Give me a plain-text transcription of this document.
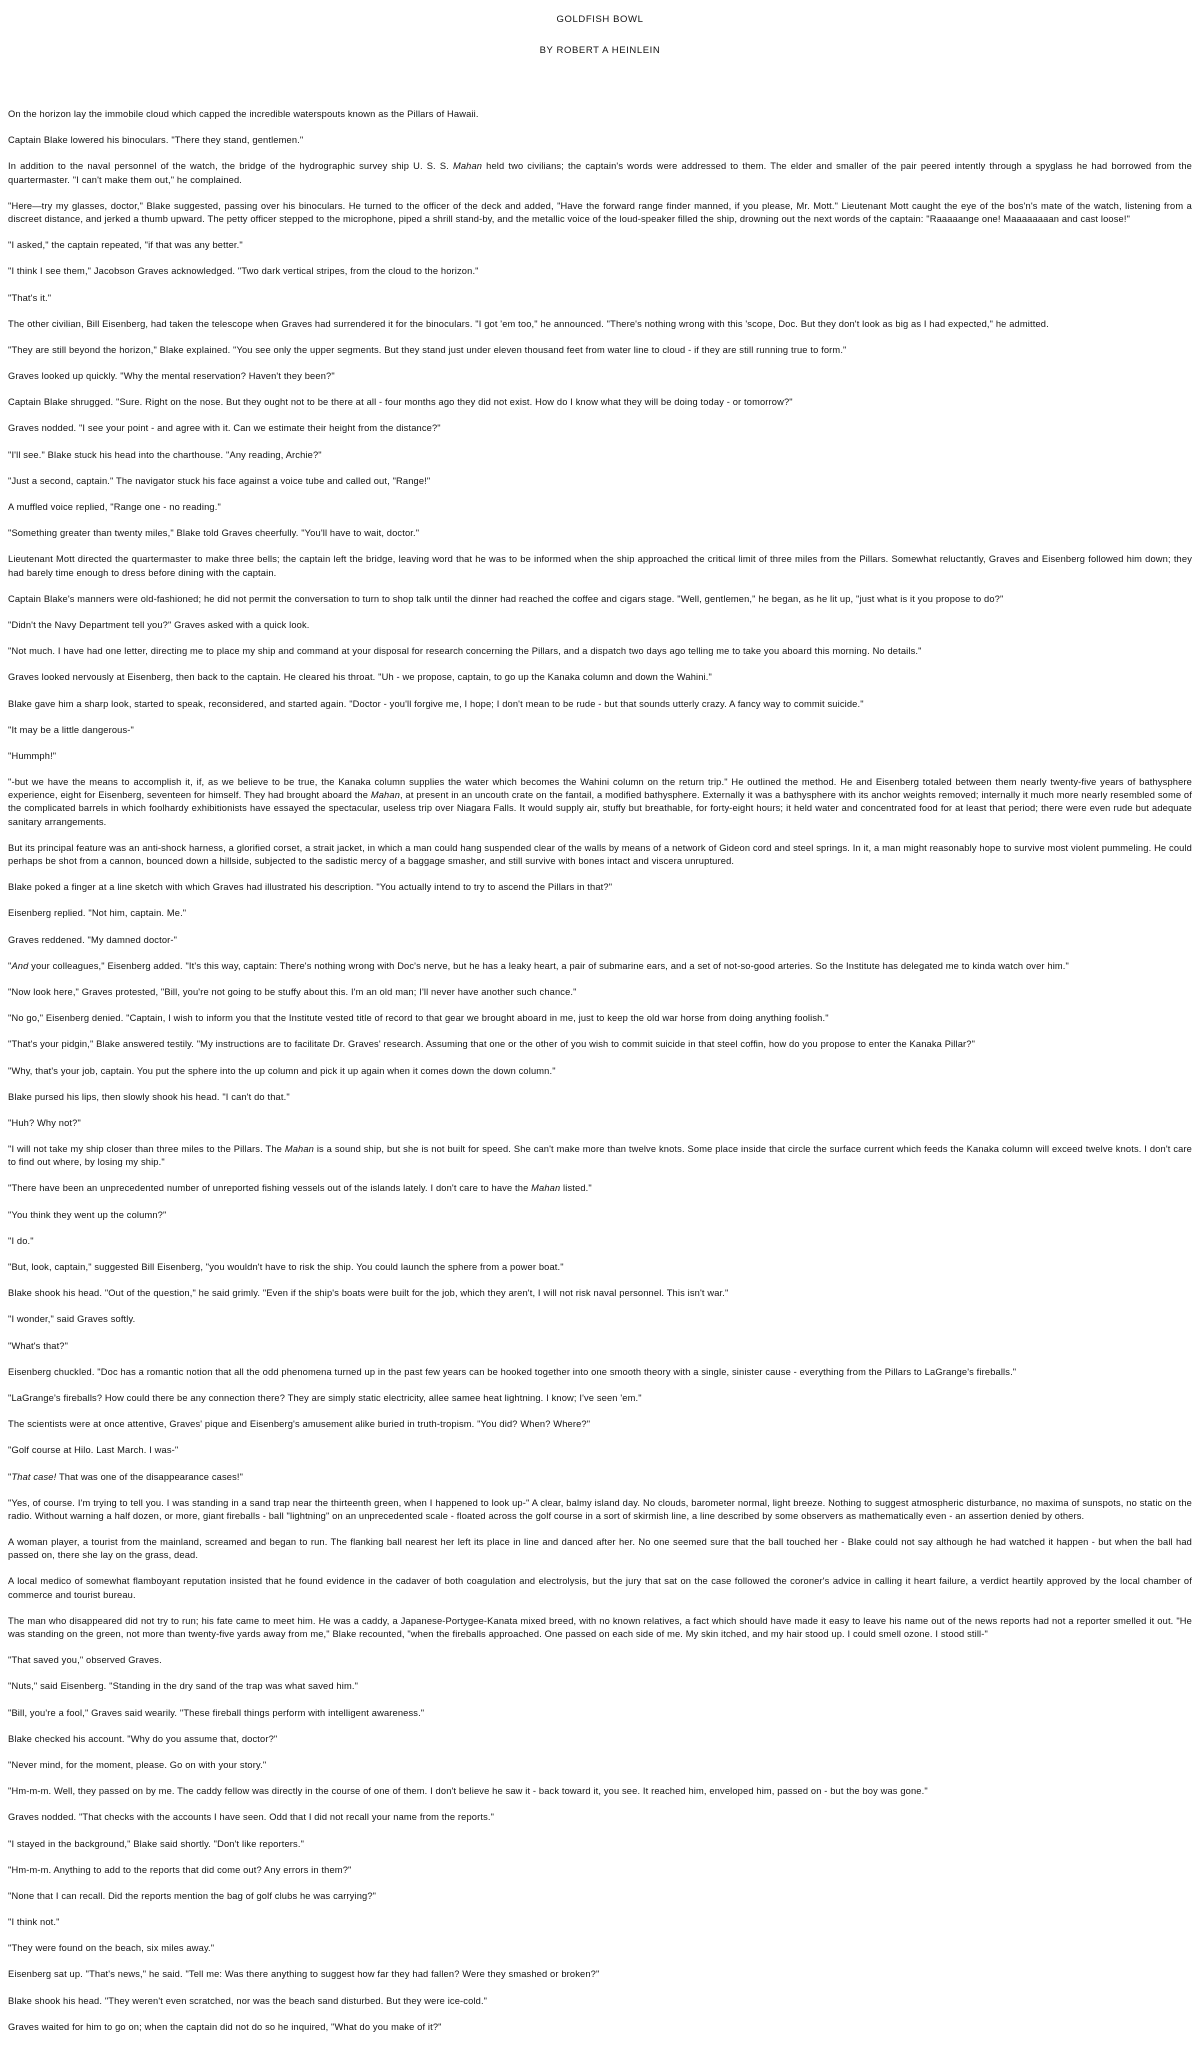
GOLDFISH BOWL
BY ROBERT A HEINLEIN

On the horizon lay the immobile cloud which capped the incredible waterspouts known as the Pillars of Hawaii.

Captain Blake lowered his binoculars. "There they stand, gentlemen."

In addition to the naval personnel of the watch, the bridge of the hydrographic survey ship U. S. S. Mahan held two civilians; the captain's words were addressed to them. The elder and smaller of the pair peered intently through a spyglass he had borrowed from the quartermaster. "I can't make them out," he complained.

"Here—try my glasses, doctor," Blake suggested, passing over his binoculars. He turned to the officer of the deck and added, "Have the forward range finder manned, if you please, Mr. Mott." Lieutenant Mott caught the eye of the bos'n's mate of the watch, listening from a discreet distance, and jerked a thumb upward. The petty officer stepped to the microphone, piped a shrill stand-by, and the metallic voice of the loud-speaker filled the ship, drowning out the next words of the captain: "Raaaaange one! Maaaaaaaan and cast loose!"

"I asked," the captain repeated, "if that was any better."

"I think I see them," Jacobson Graves acknowledged. "Two dark vertical stripes, from the cloud to the horizon."

"That's it."

The other civilian, Bill Eisenberg, had taken the telescope when Graves had surrendered it for the binoculars. "I got 'em too," he announced. "There's nothing wrong with this 'scope, Doc. But they don't look as big as I had expected," he admitted.

"They are still beyond the horizon," Blake explained. "You see only the upper segments. But they stand just under eleven thousand feet from water line to cloud - if they are still running true to form."

Graves looked up quickly. "Why the mental reservation? Haven't they been?"

Captain Blake shrugged. "Sure. Right on the nose. But they ought not to be there at all - four months ago they did not exist. How do I know what they will be doing today - or tomorrow?"

Graves nodded. "I see your point - and agree with it. Can we estimate their height from the distance?"

"I'll see." Blake stuck his head into the charthouse. "Any reading, Archie?"

"Just a second, captain." The navigator stuck his face against a voice tube and called out, "Range!"

A muffled voice replied, "Range one - no reading."

"Something greater than twenty miles," Blake told Graves cheerfully. "You'll have to wait, doctor."

Lieutenant Mott directed the quartermaster to make three bells; the captain left the bridge, leaving word that he was to be informed when the ship approached the critical limit of three miles from the Pillars. Somewhat reluctantly, Graves and Eisenberg followed him down; they had barely time enough to dress before dining with the captain.

Captain Blake's manners were old-fashioned; he did not permit the conversation to turn to shop talk until the dinner had reached the coffee and cigars stage. "Well, gentlemen," he began, as he lit up, "just what is it you propose to do?"

"Didn't the Navy Department tell you?" Graves asked with a quick look.

"Not much. I have had one letter, directing me to place my ship and command at your disposal for research concerning the Pillars, and a dispatch two days ago telling me to take you aboard this morning. No details."

Graves looked nervously at Eisenberg, then back to the captain. He cleared his throat. "Uh - we propose, captain, to go up the Kanaka column and down the Wahini."

Blake gave him a sharp look, started to speak, reconsidered, and started again. "Doctor - you'll forgive me, I hope; I don't mean to be rude - but that sounds utterly crazy. A fancy way to commit suicide."

"It may be a little dangerous-"

"Hummph!"

"-but we have the means to accomplish it, if, as we believe to be true, the Kanaka column supplies the water which becomes the Wahini column on the return trip." He outlined the method. He and Eisenberg totaled between them nearly twenty-five years of bathysphere experience, eight for Eisenberg, seventeen for himself. They had brought aboard the Mahan, at present in an uncouth crate on the fantail, a modified bathysphere. Externally it was a bathysphere with its anchor weights removed; internally it much more nearly resembled some of the complicated barrels in which foolhardy exhibitionists have essayed the spectacular, useless trip over Niagara Falls. It would supply air, stuffy but breathable, for forty-eight hours; it held water and concentrated food for at least that period; there were even rude but adequate sanitary arrangements.

But its principal feature was an anti-shock harness, a glorified corset, a strait jacket, in which a man could hang suspended clear of the walls by means of a network of Gideon cord and steel springs. In it, a man might reasonably hope to survive most violent pummeling. He could perhaps be shot from a cannon, bounced down a hillside, subjected to the sadistic mercy of a baggage smasher, and still survive with bones intact and viscera unruptured.

Blake poked a finger at a line sketch with which Graves had illustrated his description. "You actually intend to try to ascend the Pillars in that?"

Eisenberg replied. "Not him, captain. Me."

Graves reddened. "My damned doctor-"

"And your colleagues," Eisenberg added. "It's this way, captain: There's nothing wrong with Doc's nerve, but he has a leaky heart, a pair of submarine ears, and a set of not-so-good arteries. So the Institute has delegated me to kinda watch over him."

"Now look here," Graves protested, "Bill, you're not going to be stuffy about this. I'm an old man; I'll never have another such chance."

"No go," Eisenberg denied. "Captain, I wish to inform you that the Institute vested title of record to that gear we brought aboard in me, just to keep the old war horse from doing anything foolish."

"That's your pidgin," Blake answered testily. "My instructions are to facilitate Dr. Graves' research. Assuming that one or the other of you wish to commit suicide in that steel coffin, how do you propose to enter the Kanaka Pillar?"

"Why, that's your job, captain. You put the sphere into the up column and pick it up again when it comes down the down column."

Blake pursed his lips, then slowly shook his head. "I can't do that."

"Huh? Why not?"

"I will not take my ship closer than three miles to the Pillars. The Mahan is a sound ship, but she is not built for speed. She can't make more than twelve knots. Some place inside that circle the surface current which feeds the Kanaka column will exceed twelve knots. I don't care to find out where, by losing my ship."

"There have been an unprecedented number of unreported fishing vessels out of the islands lately. I don't care to have the Mahan listed."

"You think they went up the column?"

"I do."

"But, look, captain," suggested Bill Eisenberg, "you wouldn't have to risk the ship. You could launch the sphere from a power boat."

Blake shook his head. "Out of the question," he said grimly. "Even if the ship's boats were built for the job, which they aren't, I will not risk naval personnel. This isn't war."

"I wonder," said Graves softly.

"What's that?"

Eisenberg chuckled. "Doc has a romantic notion that all the odd phenomena turned up in the past few years can be hooked together into one smooth theory with a single, sinister cause - everything from the Pillars to LaGrange's fireballs."

"LaGrange's fireballs? How could there be any connection there? They are simply static electricity, allee samee heat lightning. I know; I've seen 'em."

The scientists were at once attentive, Graves' pique and Eisenberg's amusement alike buried in truth-tropism. "You did? When? Where?"

"Golf course at Hilo. Last March. I was-"

"That case! That was one of the disappearance cases!"

"Yes, of course. I'm trying to tell you. I was standing in a sand trap near the thirteenth green, when I happened to look up-" A clear, balmy island day. No clouds, barometer normal, light breeze. Nothing to suggest atmospheric disturbance, no maxima of sunspots, no static on the radio. Without warning a half dozen, or more, giant fireballs - ball "lightning" on an unprecedented scale - floated across the golf course in a sort of skirmish line, a line described by some observers as mathematically even - an assertion denied by others.

A woman player, a tourist from the mainland, screamed and began to run. The flanking ball nearest her left its place in line and danced after her. No one seemed sure that the ball touched her - Blake could not say although he had watched it happen - but when the ball had passed on, there she lay on the grass, dead.

A local medico of somewhat flamboyant reputation insisted that he found evidence in the cadaver of both coagulation and electrolysis, but the jury that sat on the case followed the coroner's advice in calling it heart failure, a verdict heartily approved by the local chamber of commerce and tourist bureau.

The man who disappeared did not try to run; his fate came to meet him. He was a caddy, a Japanese-Portygee-Kanata mixed breed, with no known relatives, a fact which should have made it easy to leave his name out of the news reports had not a reporter smelled it out. "He was standing on the green, not more than twenty-five yards away from me," Blake recounted, "when the fireballs approached. One passed on each side of me. My skin itched, and my hair stood up. I could smell ozone. I stood still-"

"That saved you," observed Graves.

"Nuts," said Eisenberg. "Standing in the dry sand of the trap was what saved him."

"Bill, you're a fool," Graves said wearily. "These fireball things perform with intelligent awareness."

Blake checked his account. "Why do you assume that, doctor?"

"Never mind, for the moment, please. Go on with your story."

"Hm-m-m. Well, they passed on by me. The caddy fellow was directly in the course of one of them. I don't believe he saw it - back toward it, you see. It reached him, enveloped him, passed on - but the boy was gone."

Graves nodded. "That checks with the accounts I have seen. Odd that I did not recall your name from the reports."

"I stayed in the background," Blake said shortly. "Don't like reporters."

"Hm-m-m. Anything to add to the reports that did come out? Any errors in them?"

"None that I can recall. Did the reports mention the bag of golf clubs he was carrying?"

"I think not."

"They were found on the beach, six miles away."

Eisenberg sat up. "That's news," he said. "Tell me: Was there anything to suggest how far they had fallen? Were they smashed or broken?"

Blake shook his head. "They weren't even scratched, nor was the beach sand disturbed. But they were ice-cold."

Graves waited for him to go on; when the captain did not do so he inquired, "What do you make of it?"
